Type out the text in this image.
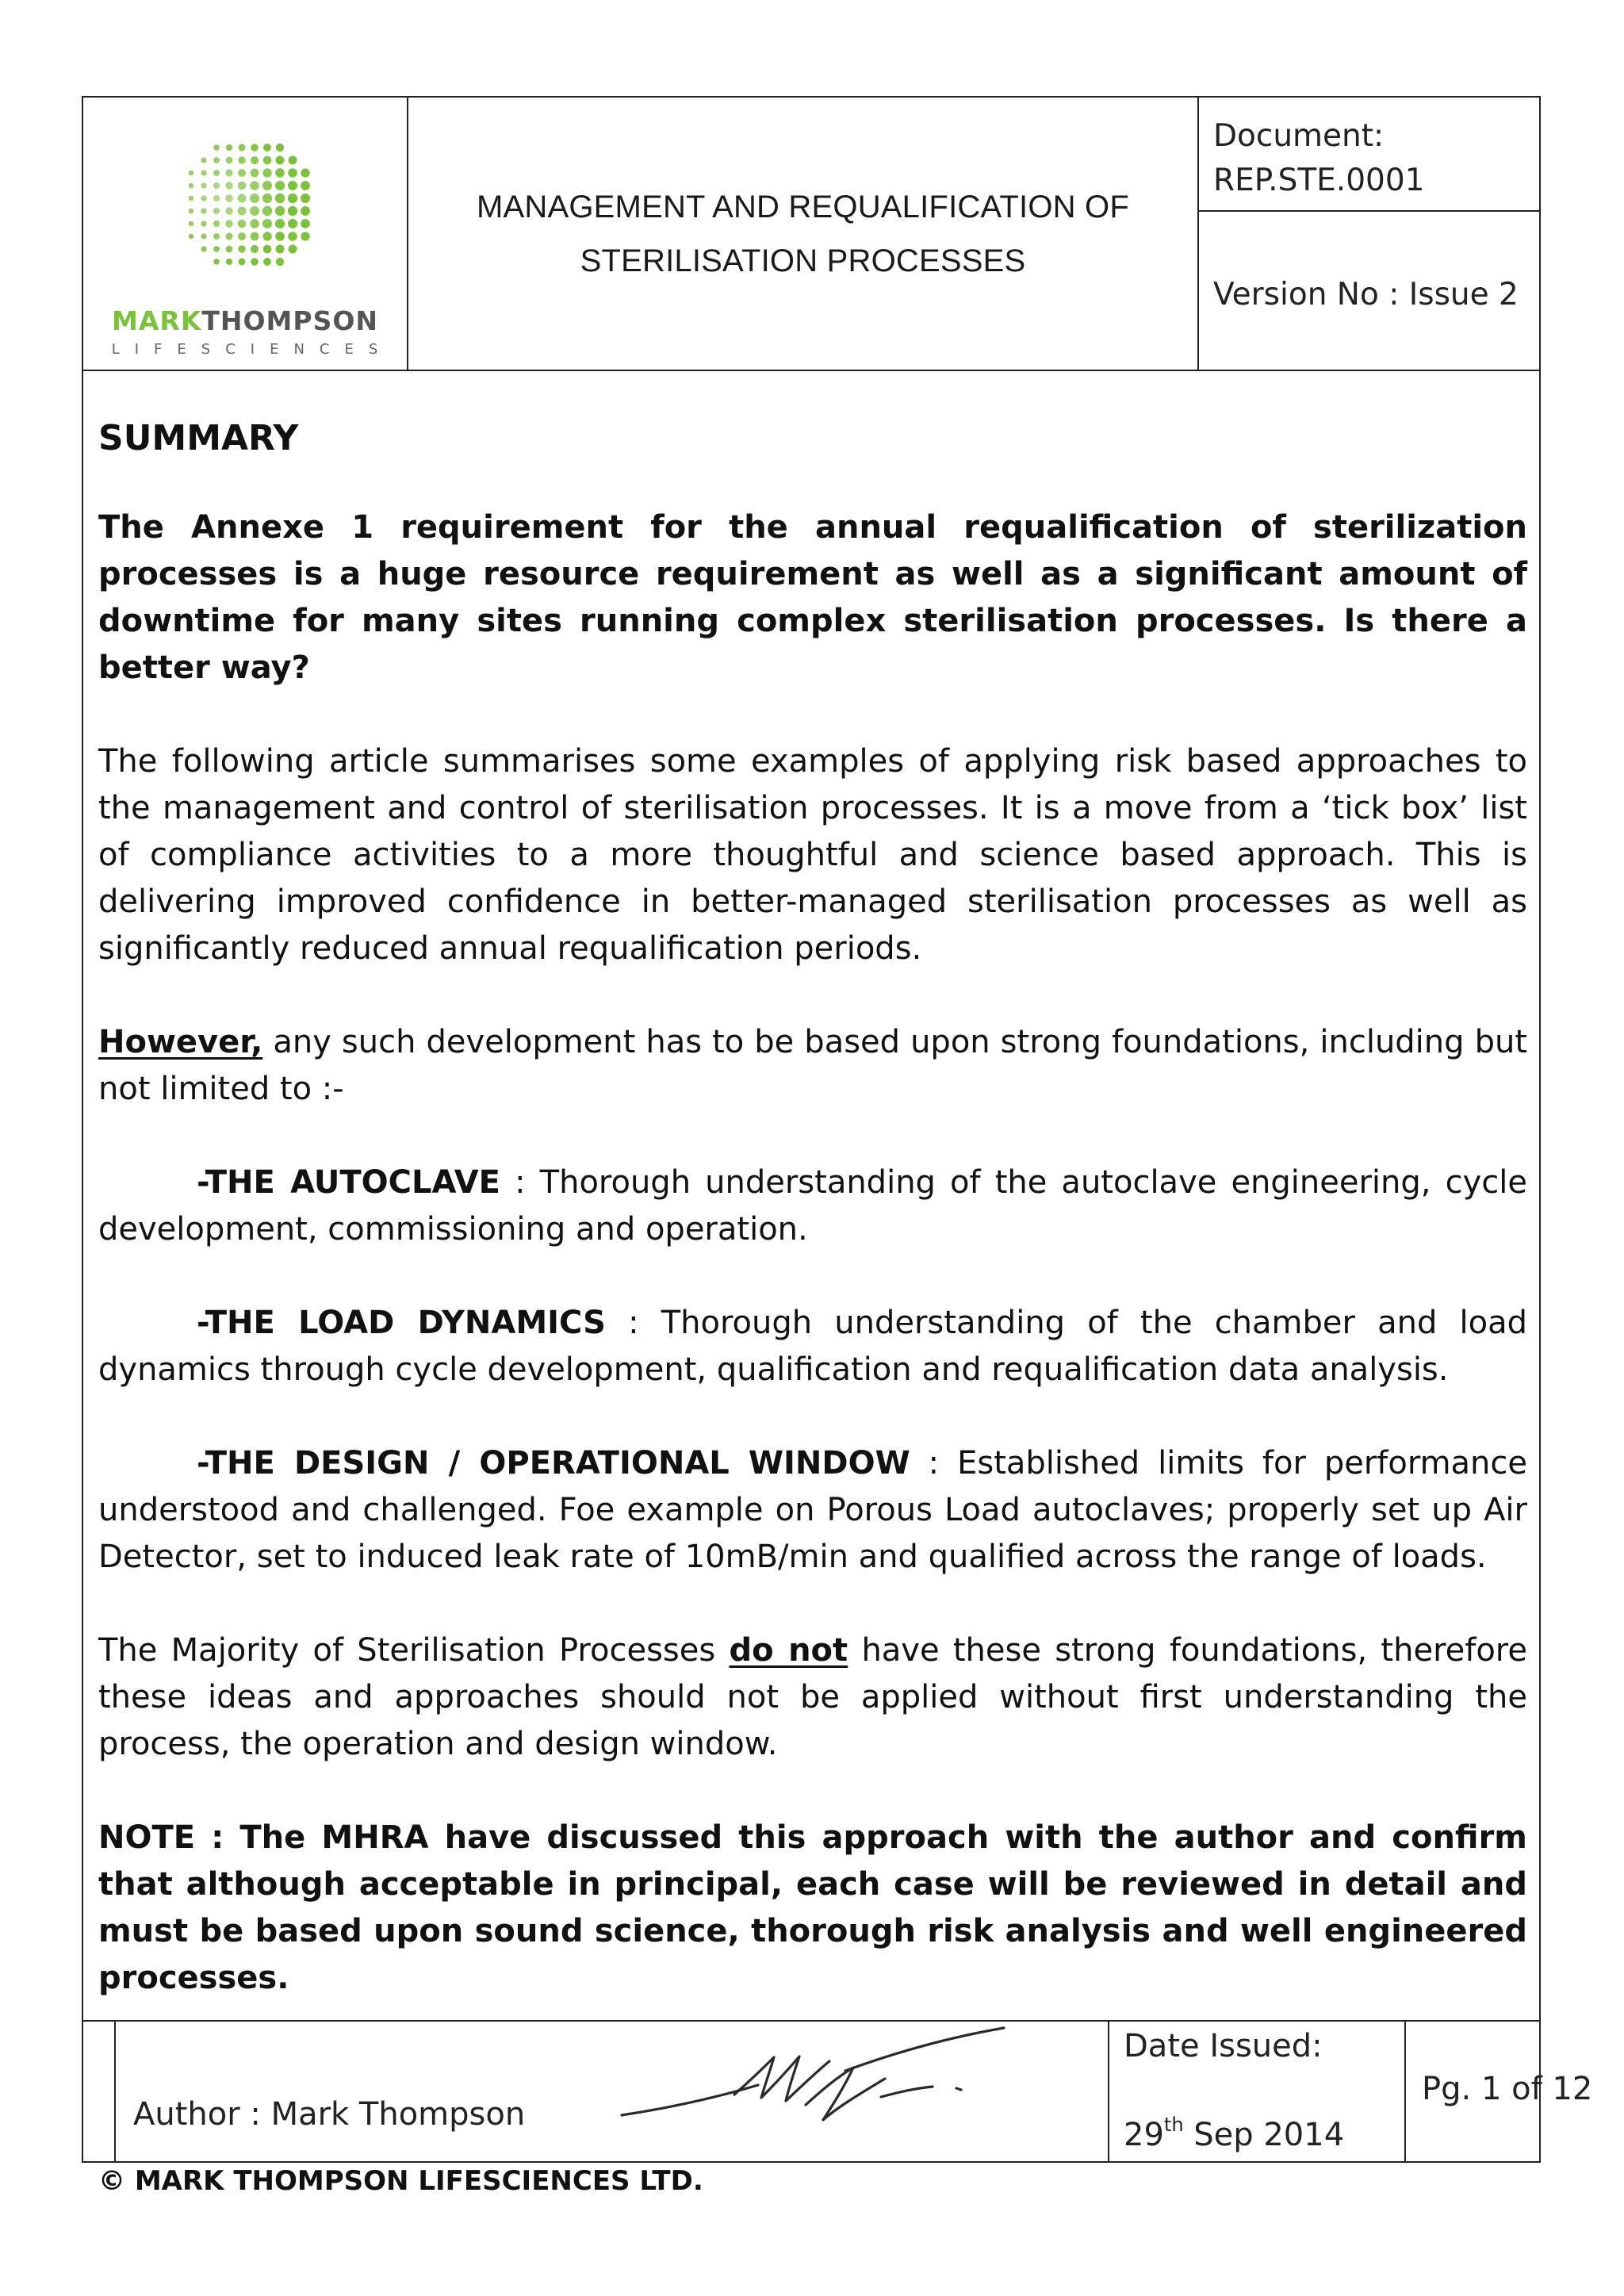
MARKTHOMPSON
LIFESCIENCES
MANAGEMENT AND REQUALIFICATION OF
STERILISATION PROCESSES
Document:
REP.STE.0001
Version No : Issue 2
SUMMARY

The Annexe 1 requirement for the annual requalification of sterilization processes is a huge resource requirement as well as a significant amount of downtime for many sites running complex sterilisation processes. Is there a better way?

The following article summarises some examples of applying risk based approaches to the management and control of sterilisation processes. It is a move from a ‘tick box’ list of compliance activities to a more thoughtful and science based approach. This is delivering improved confidence in better-managed sterilisation processes as well as significantly reduced annual requalification periods.

However, any such development has to be based upon strong foundations, including but not limited to :-

-THE AUTOCLAVE : Thorough understanding of the autoclave engineering, cycle development, commissioning and operation.

-THE LOAD DYNAMICS : Thorough understanding of the chamber and load dynamics through cycle development, qualification and requalification data analysis.

-THE DESIGN / OPERATIONAL WINDOW : Established limits for performance understood and challenged. Foe example on Porous Load autoclaves; properly set up Air Detector, set to induced leak rate of 10mB/min and qualified across the range of loads.

The Majority of Sterilisation Processes do not have these strong foundations, therefore these ideas and approaches should not be applied without first understanding the process, the operation and design window.

NOTE : The MHRA have discussed this approach with the author and confirm that although acceptable in principal, each case will be reviewed in detail and must be based upon sound science, thorough risk analysis and well engineered processes.

Author : Mark Thompson
Date Issued:
29th Sep 2014
Pg. 1 of 12
© MARK THOMPSON LIFESCIENCES LTD.
